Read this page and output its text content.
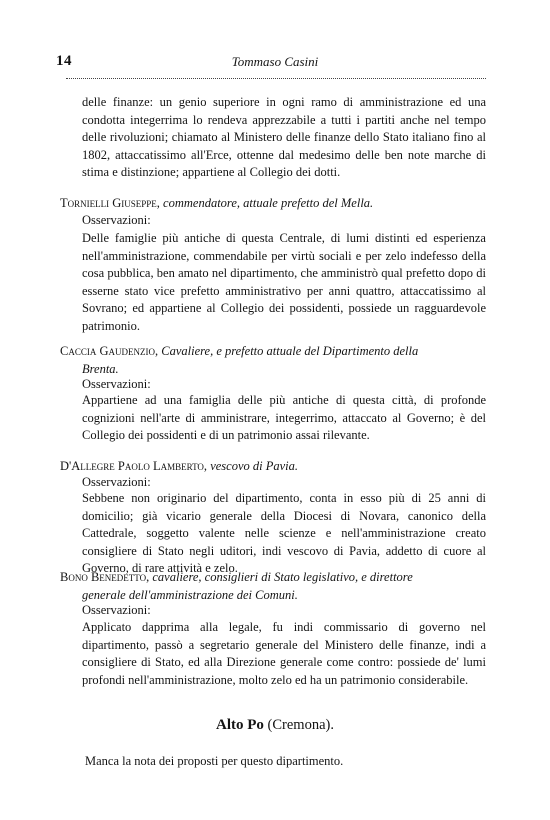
14	Tommaso Casini
delle finanze: un genio superiore in ogni ramo di amministrazione ed una condotta integerrima lo rendeva apprezzabile a tutti i partiti anche nel tempo delle rivoluzioni; chiamato al Ministero delle finanze dello Stato italiano fino al 1802, attaccatissimo all'Erce, ottenne dal medesimo delle ben note marche di stima e distinzione; appartiene al Collegio dei dotti.
Tornielli Giuseppe, commendatore, attuale prefetto del Mella.
Osservazioni:
Delle famiglie più antiche di questa Centrale, di lumi distinti ed esperienza nell'amministrazione, commendabile per virtù sociali e per zelo indefesso della cosa pubblica, ben amato nel dipartimento, che amministrò qual prefetto dopo di esserne stato vice prefetto amministrativo per anni quattro, attaccatissimo al Sovrano; ed appartiene al Collegio dei possidenti, possiede un ragguardevole patrimonio.
Caccia Gaudenzio, Cavaliere, e prefetto attuale del Dipartimento della
Brenta.
Osservazioni:
Appartiene ad una famiglia delle più antiche di questa città, di profonde cognizioni nell'arte di amministrare, integerrimo, attaccato al Governo; è del Collegio dei possidenti e di un patrimonio assai rilevante.
D'Allegre Paolo Lamberto, vescovo di Pavia.
Osservazioni:
Sebbene non originario del dipartimento, conta in esso più di 25 anni di domicilio; già vicario generale della Diocesi di Novara, canonico della Cattedrale, soggetto valente nelle scienze e nell'amministrazione creato consigliere di Stato negli uditori, indi vescovo di Pavia, addetto di cuore al Governo, di rare attività e zelo.
Bono Benedetto, cavaliere, consiglieri di Stato legislativo, e direttore
generale dell'amministrazione dei Comuni.
Osservazioni:
Applicato dapprima alla legale, fu indi commissario di governo nel dipartimento, passò a segretario generale del Ministero delle finanze, indi a consigliere di Stato, ed alla Direzione generale come contro: possiede de' lumi profondi nell'amministrazione, molto zelo ed ha un patrimonio considerabile.
Alto Po (Cremona).
Manca la nota dei proposti per questo dipartimento.
